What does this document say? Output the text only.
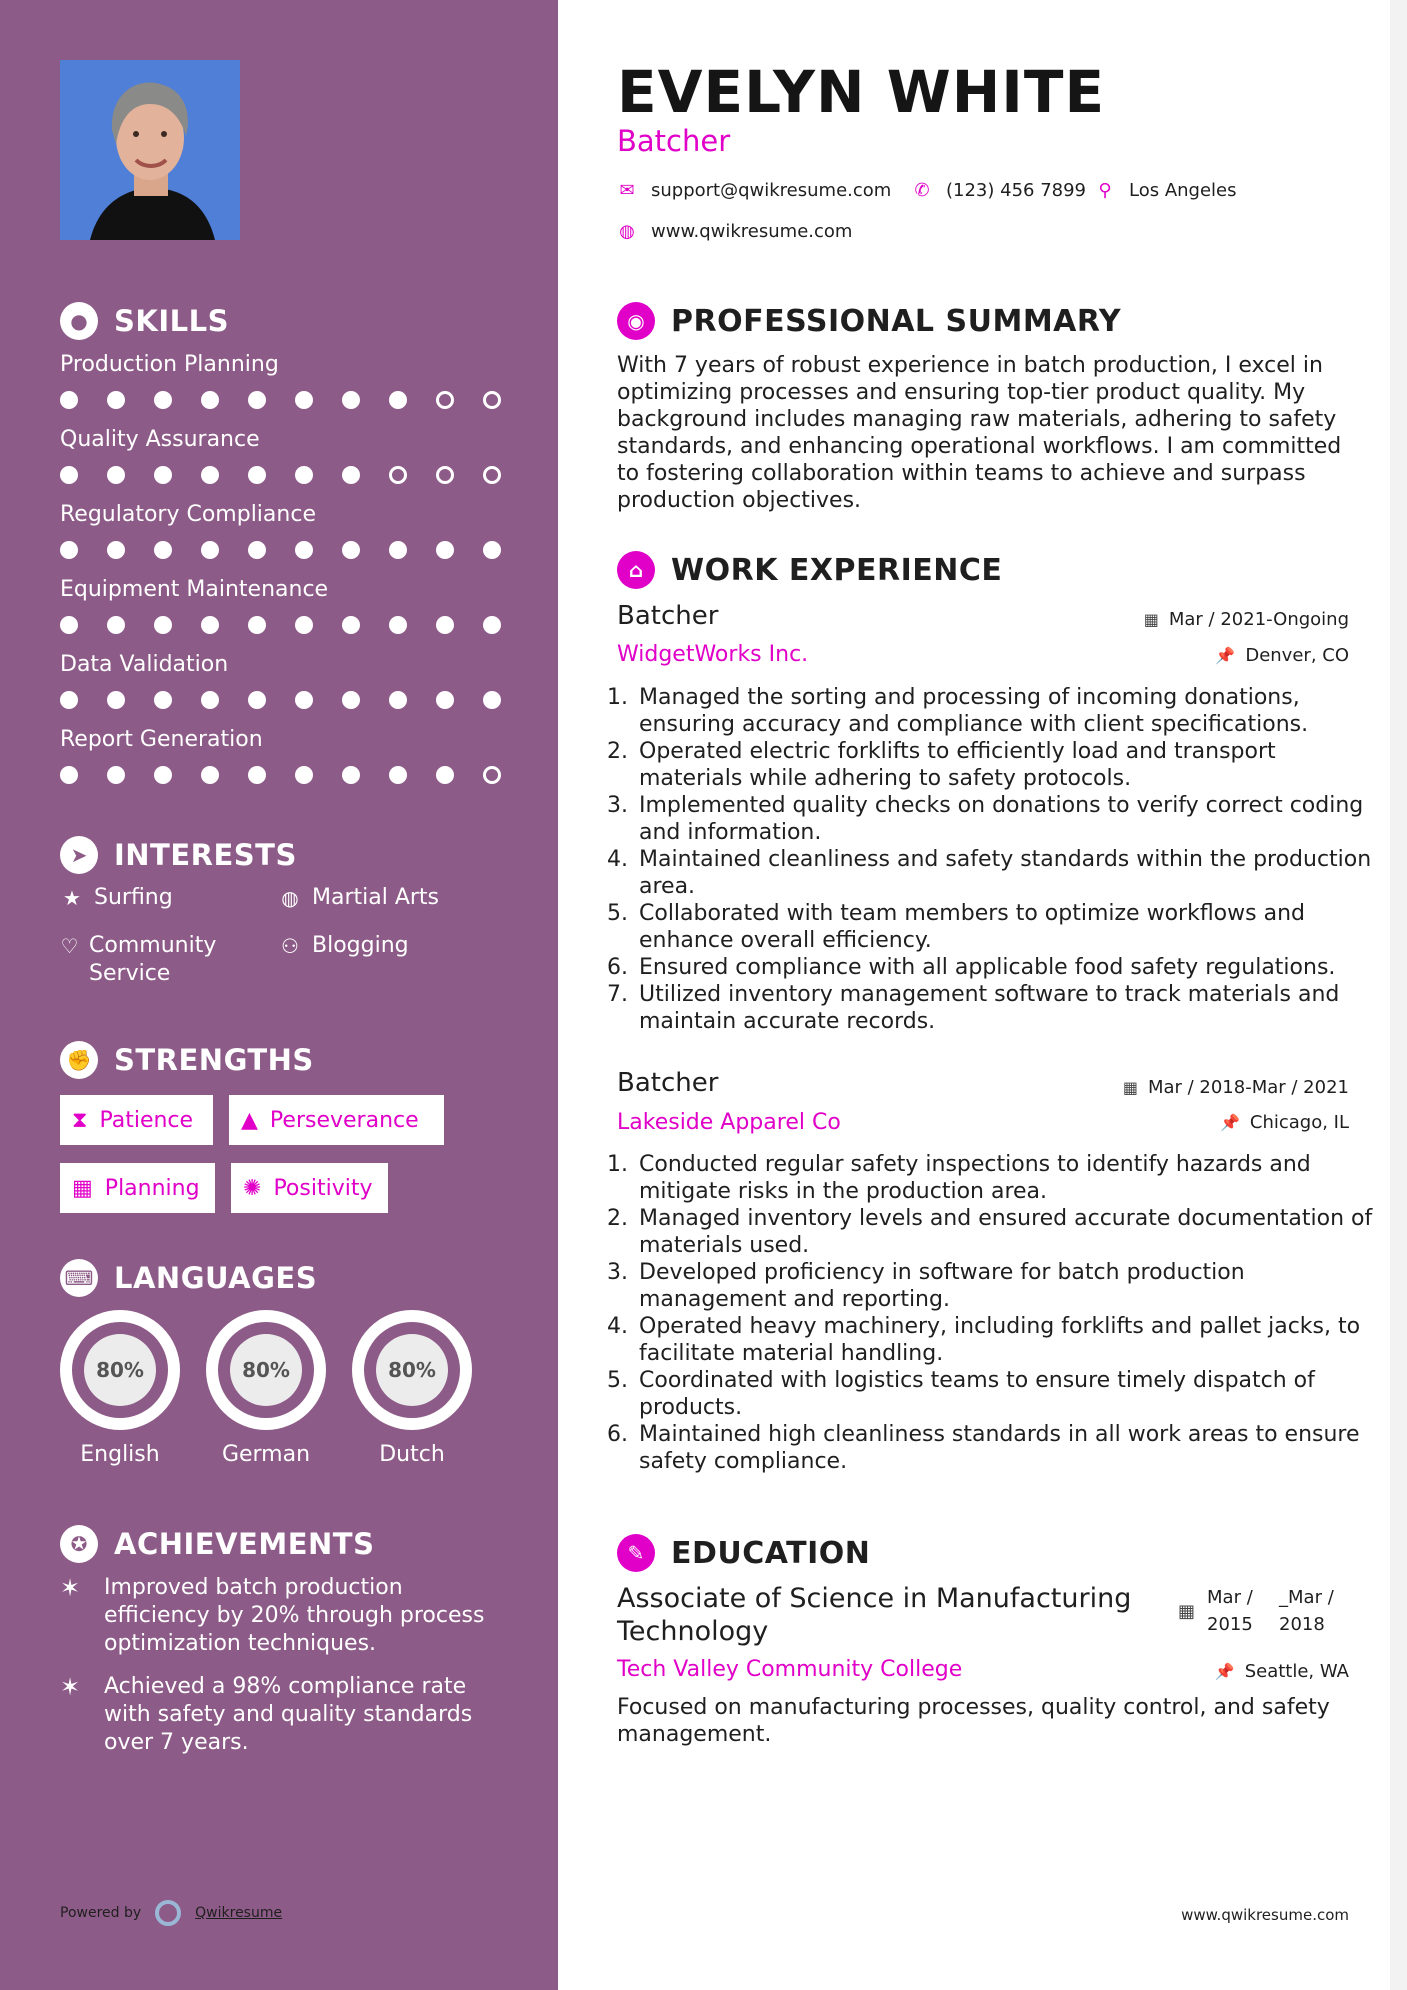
● SKILLS
Production Planning
Quality Assurance
Regulatory Compliance
Equipment Maintenance
Data Validation
Report Generation
➤ INTERESTS
★ Surfing	◍ Martial Arts
♡ Community Service
⚇ Blogging
✊ STRENGTHS
⧗ Patience ▲ Perseverance
▦ Planning ✺ Positivity
⌨ LANGUAGES
80%
English
80%
German
80%
Dutch
✪ ACHIEVEMENTS
✶	Improved batch production efficiency by 20% through process optimization techniques.
✶	Achieved a 98% compliance rate with safety and quality standards over 7 years.
Powered by	Qwikresume
EVELYN WHITE
Batcher
✉ support@qwikresume.com ✆ (123) 456 7899 ⚲ Los Angeles
◍ www.qwikresume.com
◉ PROFESSIONAL SUMMARY
With 7 years of robust experience in batch production, I excel in optimizing processes and ensuring top-tier product quality. My background includes managing raw materials, adhering to safety standards, and enhancing operational workflows. I am committed to fostering collaboration within teams to achieve and surpass production objectives.
⌂ WORK EXPERIENCE
Batcher	▦ Mar / 2021-Ongoing
WidgetWorks Inc.	📌 Denver, CO
1. Managed the sorting and processing of incoming donations, ensuring accuracy and compliance with client specifications.
2. Operated electric forklifts to efficiently load and transport materials while adhering to safety protocols.
3. Implemented quality checks on donations to verify correct coding and information.
4. Maintained cleanliness and safety standards within the production area.
5. Collaborated with team members to optimize workflows and enhance overall efficiency.
6. Ensured compliance with all applicable food safety regulations.
7. Utilized inventory management software to track materials and maintain accurate records.
Batcher	▦ Mar / 2018-Mar / 2021
Lakeside Apparel Co	📌 Chicago, IL
1. Conducted regular safety inspections to identify hazards and mitigate risks in the production area.
2. Managed inventory levels and ensured accurate documentation of materials used.
3. Developed proficiency in software for batch production management and reporting.
4. Operated heavy machinery, including forklifts and pallet jacks, to facilitate material handling.
5. Coordinated with logistics teams to ensure timely dispatch of products.
6. Maintained high cleanliness standards in all work areas to ensure safety compliance.
✎ EDUCATION
Associate of Science in Manufacturing Technology
▦
Mar / 2015
_Mar / 2018
Tech Valley Community College	📌 Seattle, WA
Focused on manufacturing processes, quality control, and safety management.
www.qwikresume.com
